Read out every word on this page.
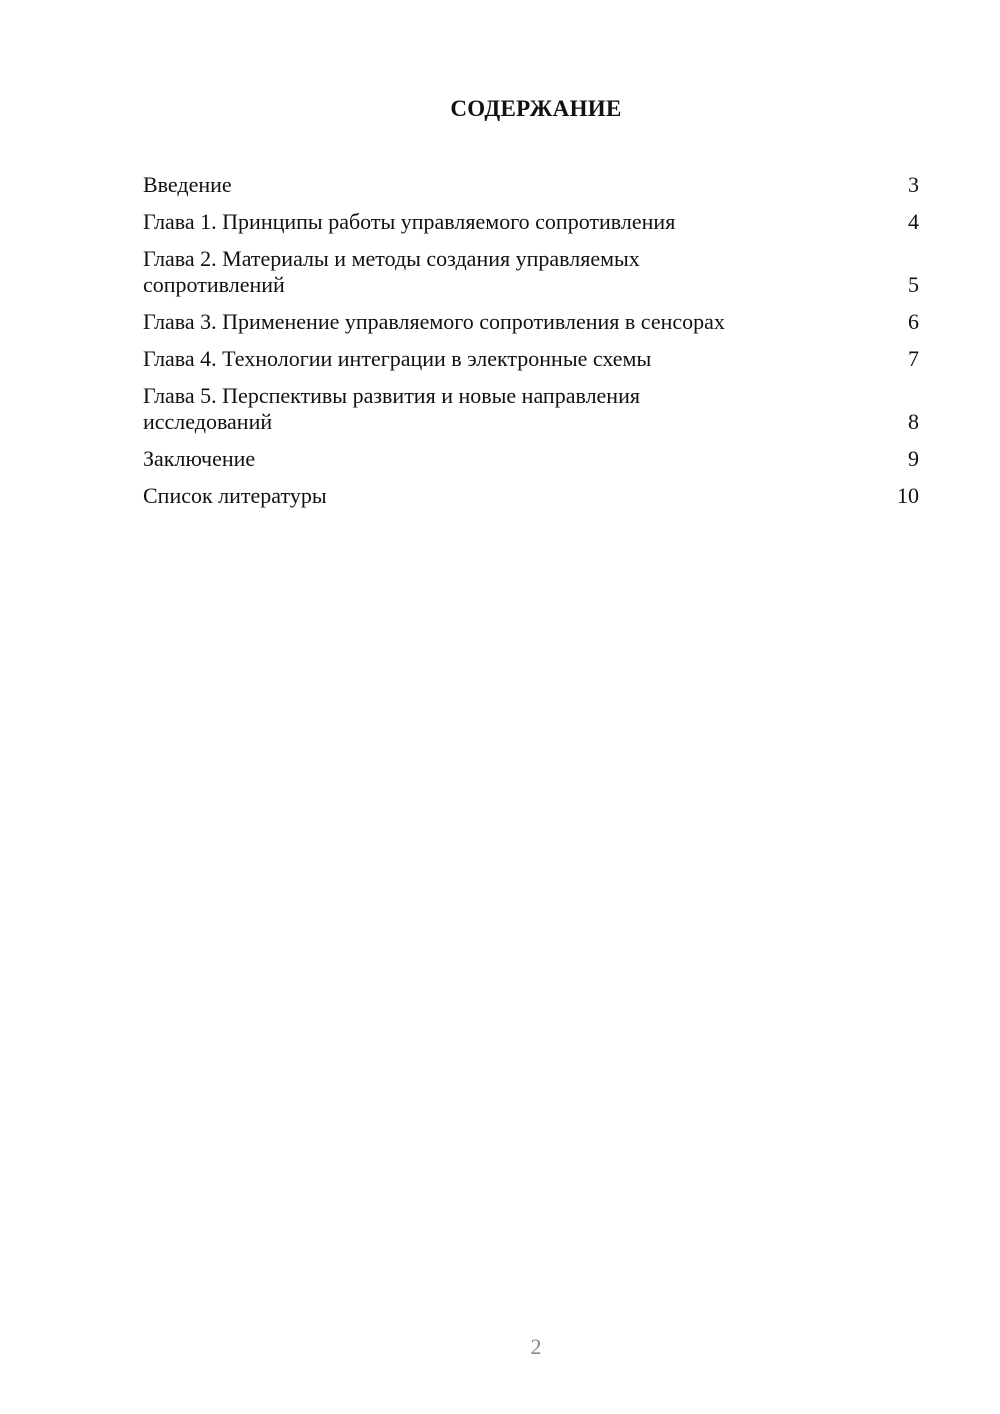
СОДЕРЖАНИЕ
Введение	3
Глава 1. Принципы работы управляемого сопротивления	4
Глава 2. Материалы и методы создания управляемых сопротивлений	5
Глава 3. Применение управляемого сопротивления в сенсорах	6
Глава 4. Технологии интеграции в электронные схемы	7
Глава 5. Перспективы развития и новые направления исследований	8
Заключение	9
Список литературы	10
2
